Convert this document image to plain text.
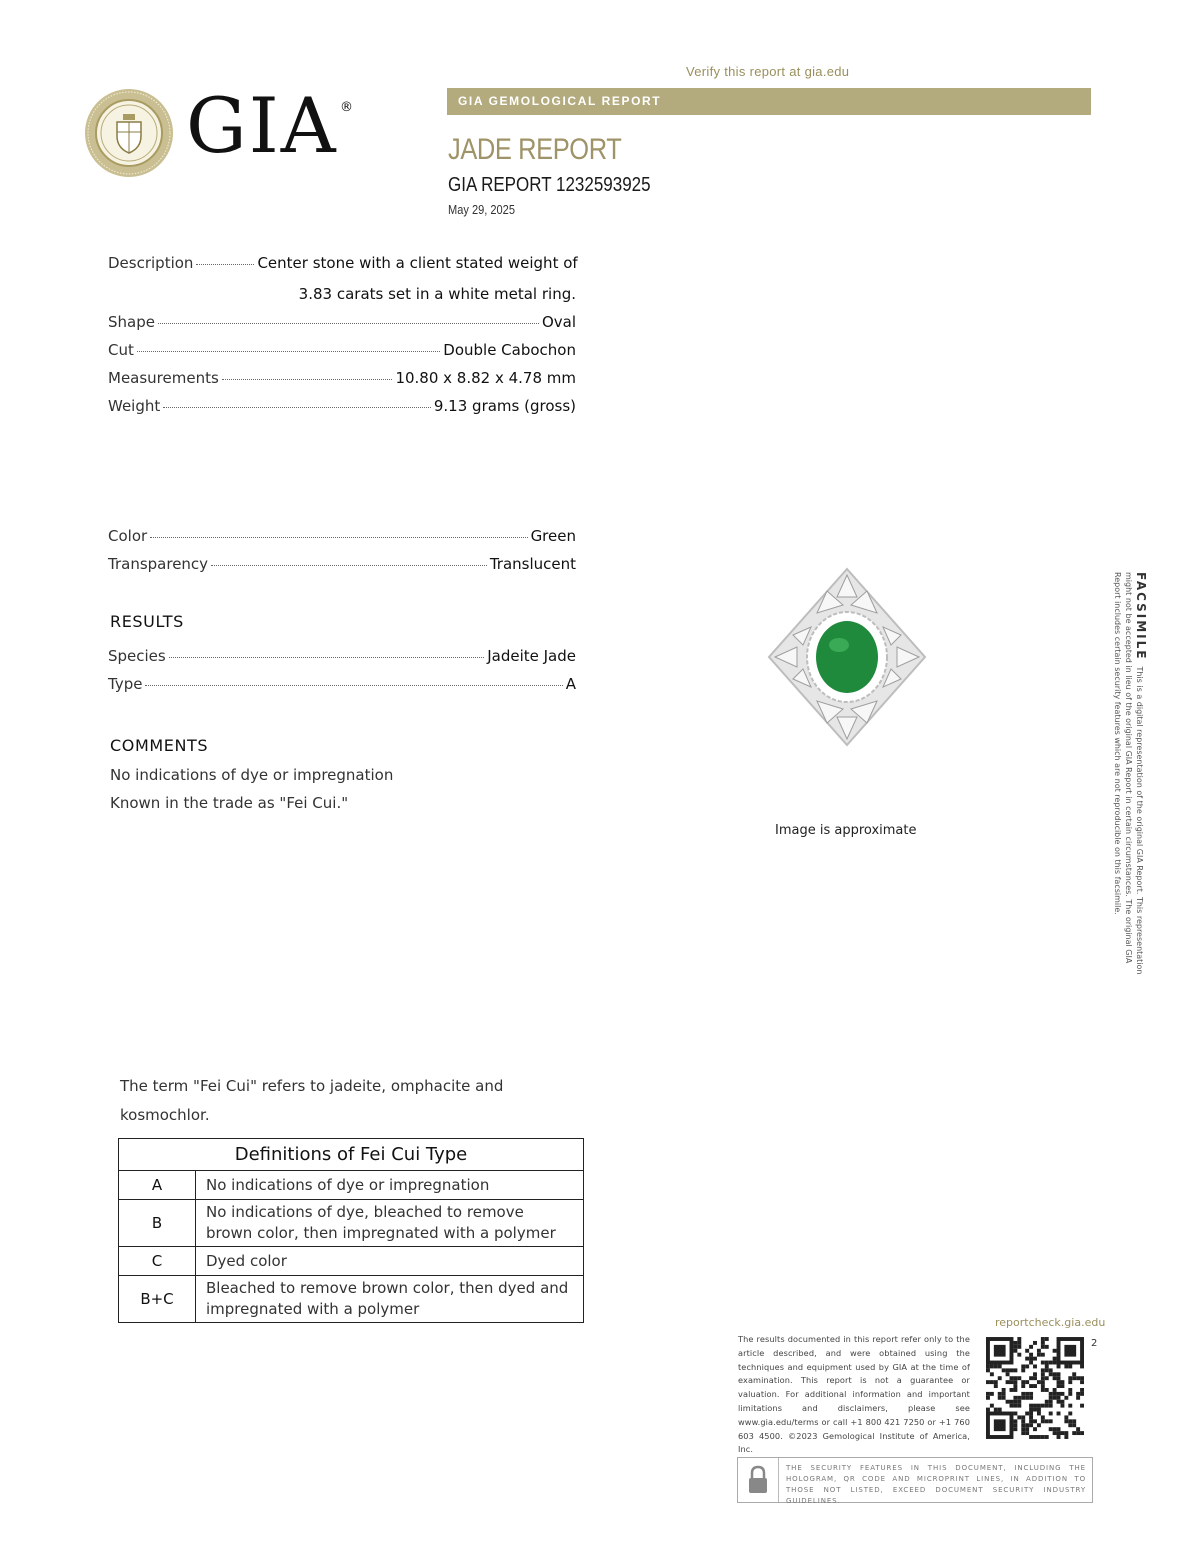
GIA ®
Verify this report at gia.edu
GIA GEMOLOGICAL REPORT
JADE REPORT
GIA REPORT 1232593925
May 29, 2025
Description	Center stone with a client stated weight of
3.83 carats set in a white metal ring.
Shape	Oval
Cut	Double Cabochon
Measurements	10.80 x 8.82 x 4.78 mm
Weight	9.13 grams (gross)
Color	Green
Transparency	Translucent
RESULTS
Species	Jadeite Jade
Type	A
COMMENTS
No indications of dye or impregnation
Known in the trade as "Fei Cui."
Image is approximate
FACSIMILEThis is a digital representation of the original GIA Report. This representation might not be accepted in lieu of the original GIA Report in certain circumstances. The original GIA Report includes certain security features which are not reproducible on this facsimile.
The term "Fei Cui" refers to jadeite, omphacite and kosmochlor.
Definitions of Fei Cui Type	
A	No indications of dye or impregnation
B	No indications of dye, bleached to remove brown color, then impregnated with a polymer
C	Dyed color
B+C	Bleached to remove brown color, then dyed and impregnated with a polymer
reportcheck.gia.edu
The results documented in this report refer only to the article described, and were obtained using the techniques and equipment used by GIA at the time of examination. This report is not a guarantee or valuation. For additional information and important limitations and disclaimers, please see www.gia.edu/terms or call +1 800 421 7250 or +1 760 603 4500. ©2023 Gemological Institute of America, Inc.
2
THE SECURITY FEATURES IN THIS DOCUMENT, INCLUDING THE HOLOGRAM, QR CODE AND MICROPRINT LINES, IN ADDITION TO THOSE NOT LISTED, EXCEED DOCUMENT SECURITY INDUSTRY GUIDELINES.
